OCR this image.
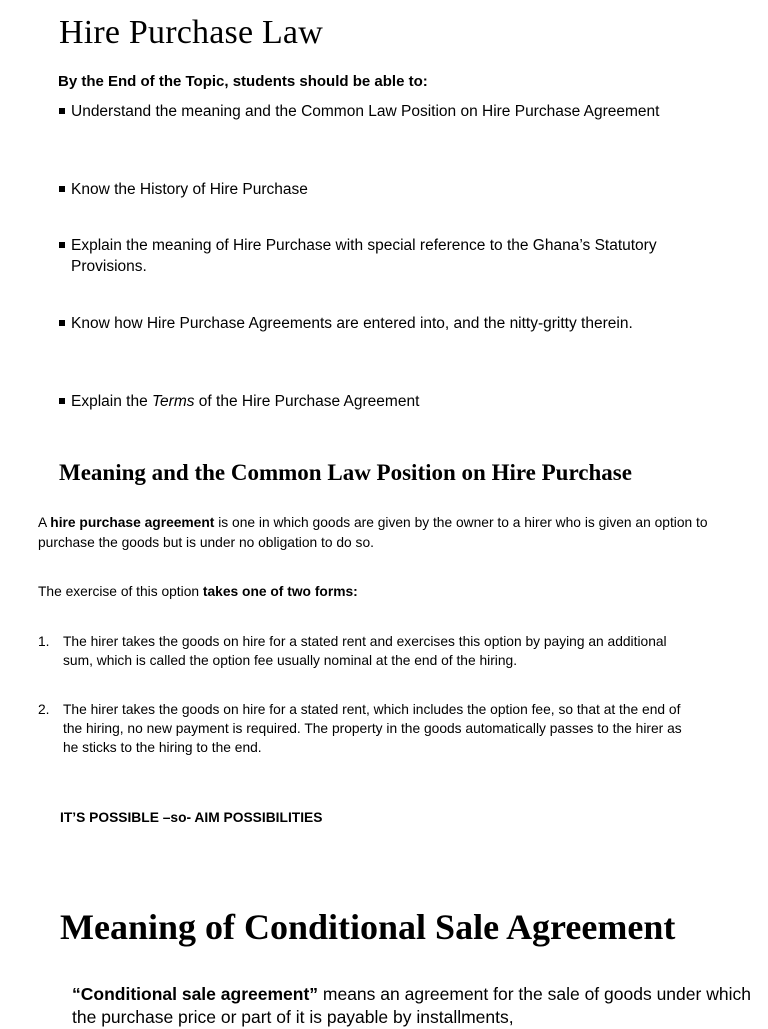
Hire Purchase Law
By the End of the Topic, students should be able to:
Understand the meaning and the Common Law Position on Hire Purchase Agreement
Know the History of Hire Purchase
Explain the meaning of Hire Purchase with special reference to the Ghana’s Statutory Provisions.
Know how Hire Purchase Agreements are entered into, and the nitty-gritty therein.
Explain the Terms of the Hire Purchase Agreement
Meaning and the Common Law Position on Hire Purchase
A hire purchase agreement is one in which goods are given by the owner to a hirer who is given an option to purchase the goods but is under no obligation to do so.
The exercise of this option takes one of two forms:
1. The hirer takes the goods on hire for a stated rent and exercises this option by paying an additional sum, which is called the option fee usually nominal at the end of the hiring.
2. The hirer takes the goods on hire for a stated rent, which includes the option fee, so that at the end of the hiring, no new payment is required. The property in the goods automatically passes to the hirer as he sticks to the hiring to the end.
IT’S POSSIBLE –so- AIM POSSIBILITIES
Meaning of Conditional Sale Agreement
“Conditional sale agreement” means an agreement for the sale of goods under which the purchase price or part of it is payable by installments,
